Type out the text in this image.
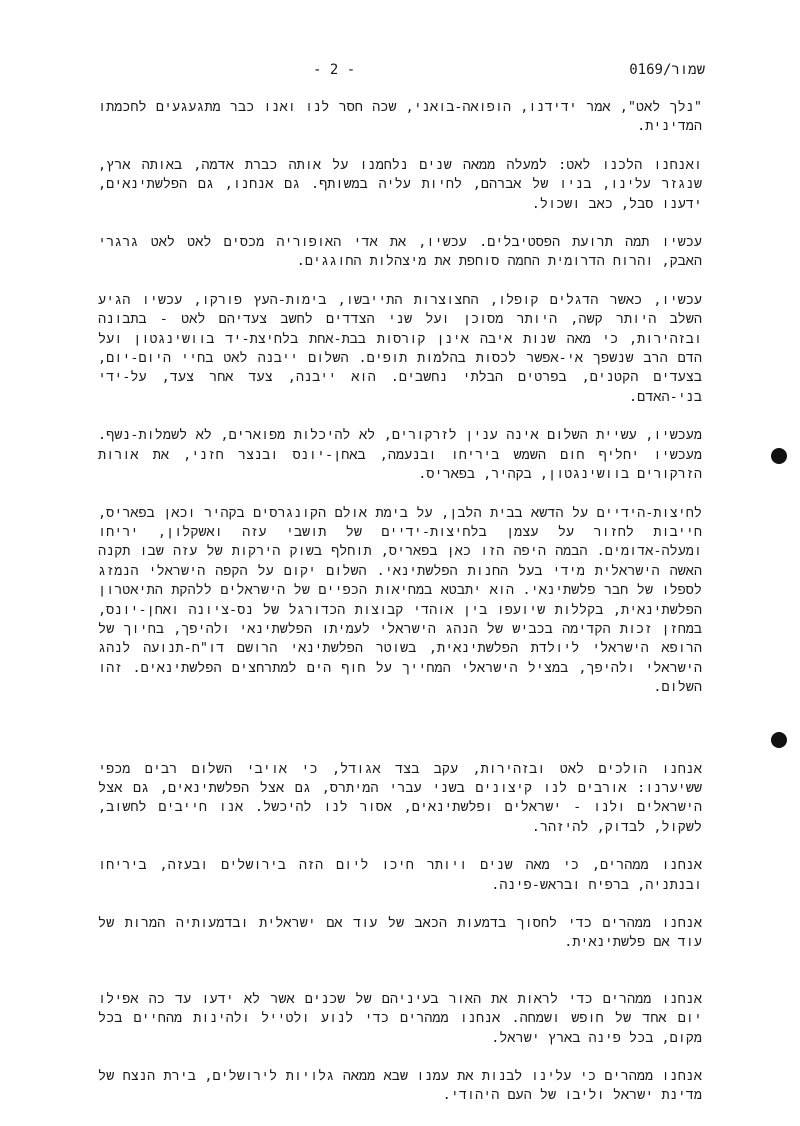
- 2 -	שמור/0169

"נלך לאט", אמר ידידנו, הופואה-בואני, שכה חסר לנו ואנו כבר מתגעגעים לחכמתו המדינית.

ואנחנו הלכנו לאט: למעלה ממאה שנים נלחמנו על אותה כברת אדמה, באותה ארץ, שנגזר עלינו, בניו של אברהם, לחיות עליה במשותף. גם אנחנו, גם הפלשתינאים, ידענו סבל, כאב ושכול.

עכשיו תמה תרועת הפסטיבלים. עכשיו, את אדי האופוריה מכסים לאט לאט גרגרי האבק, והרוח הדרומית החמה סוחפת את מיצהלות החוגגים.

עכשיו, כאשר הדגלים קופלו, החצוצרות התייבשו, בימות-העץ פורקו, עכשיו הגיע השלב היותר קשה, היותר מסוכן ועל שני הצדדים לחשב צעדיהם לאט - בתבונה ובזהירות, כי מאה שנות איבה אינן קורסות בבת-אחת בלחיצת-יד בוושינגטון ועל הדם הרב שנשפך אי-אפשר לכסות בהלמות תופים. השלום ייבנה לאט בחיי היום-יום, בצעדים הקטנים, בפרטים הבלתי נחשבים. הוא ייבנה, צעד אחר צעד, על-ידי בני-האדם.

מעכשיו, עשיית השלום אינה ענין לזרקורים, לא להיכלות מפוארים, לא לשמלות-נשף. מעכשיו יחליף חום השמש ביריחו ובנעמה, באחן-יונס ובנצר חזני, את אורות הזרקורים בוושינגטון, בקהיר, בפאריס.

לחיצות-הידיים על הדשא בבית הלבן, על בימת אולם הקונגרסים בקהיר וכאן בפאריס, חייבות לחזור על עצמן בלחיצות-ידיים של תושבי עזה ואשקלון, יריחו ומעלה-אדומים. הבמה היפה הזו כאן בפאריס, תוחלף בשוק הירקות של עזה שבו תקנה האשה הישראלית מידי בעל החנות הפלשתינאי. השלום יקום על הקפה הישראלי הנמזג לספלו של חבר פלשתינאי. הוא יתבטא במחיאות הכפיים של הישראלים ללהקת התיאטרון הפלשתינאית, בקללות שיועפו בין אוהדי קבוצות הכדורגל של נס-ציונה ואחן-יונס, במחזן זכות הקדימה בכביש של הנהג הישראלי לעמיתו הפלשתינאי ולהיפך, בחיוך של הרופא הישראלי ליולדת הפלשתינאית, בשוטר הפלשתינאי הרושם דו"ח-תנועה לנהג הישראלי ולהיפך, במציל הישראלי המחייך על חוף הים למתרחצים הפלשתינאים. זהו השלום.

אנחנו הולכים לאט ובזהירות, עקב בצד אגודל, כי אויבי השלום רבים מכפי ששיערנו: אורבים לנו קיצונים בשני עברי המיתרס, גם אצל הפלשתינאים, גם אצל הישראלים ולנו - ישראלים ופלשתינאים, אסור לנו להיכשל. אנו חייבים לחשוב, לשקול, לבדוק, להיזהר.

אנחנו ממהרים, כי מאה שנים ויותר חיכו ליום הזה בירושלים ובעזה, ביריחו ובנתניה, ברפיח ובראש-פינה.

אנחנו ממהרים כדי לחסוך בדמעות הכאב של עוד אם ישראלית ובדמעותיה המרות של עוד אם פלשתינאית.

אנחנו ממהרים כדי לראות את האור בעיניהם של שכנים אשר לא ידעו עד כה אפילו יום אחד של חופש ושמחה. אנחנו ממהרים כדי לנוע ולטייל ולהינות מהחיים בכל מקום, בכל פינה בארץ ישראל.

אנחנו ממהרים כי עלינו לבנות את עמנו שבא ממאה גלויות לירושלים, בירת הנצח של מדינת ישראל וליבו של העם היהודי.
